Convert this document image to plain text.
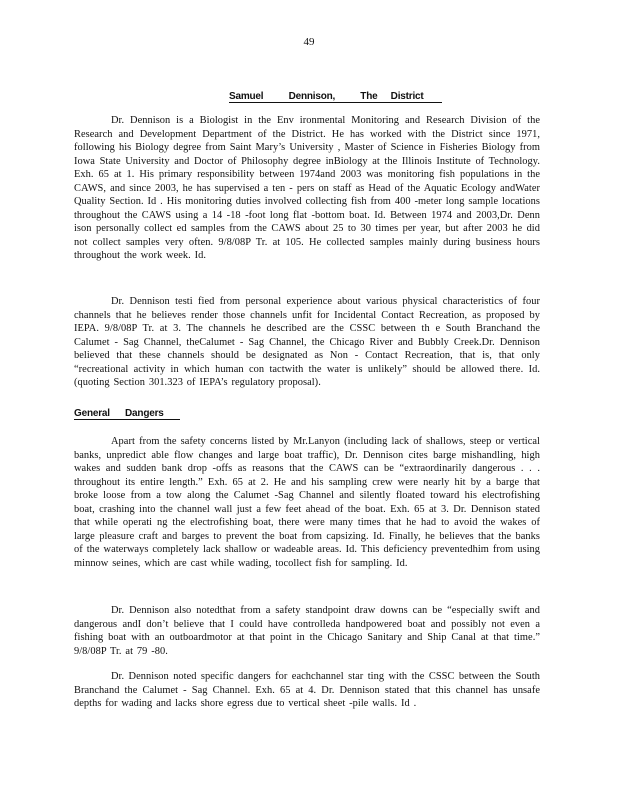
49
Samuel	Dennison,	The District
Dr. Dennison is a Biologist in the Env ironmental Monitoring and Research Division of the Research and Development Department of the District. He has worked with the District since 1971, following his Biology degree from Saint Mary’s University , Master of Science in Fisheries Biology from Iowa State University and Doctor of Philosophy degree inBiology at the Illinois Institute of Technology. Exh. 65 at 1. His primary responsibility between 1974and 2003 was monitoring fish populations in the CAWS, and since 2003, he has supervised a ten - pers on staff as Head of the Aquatic Ecology andWater Quality Section. Id . His monitoring duties involved collecting fish from 400 -meter long sample locations throughout the CAWS using a 14 -18 -foot long flat -bottom boat. Id. Between 1974 and 2003,Dr. Denn ison personally collect ed samples from the CAWS about 25 to 30 times per year, but after 2003 he did not collect samples very often. 9/8/08P Tr. at 105. He collected samples mainly during business hours throughout the work week. Id.
Dr. Dennison testi fied from personal experience about various physical characteristics of four channels that he believes render those channels unfit for Incidental Contact Recreation, as proposed by IEPA. 9/8/08P Tr. at 3. The channels he described are the CSSC between th e South Branchand the Calumet - Sag Channel, theCalumet - Sag Channel, the Chicago River and Bubbly Creek.Dr. Dennison believed that these channels should be designated as Non - Contact Recreation, that is, that only “recreational activity in which human con tactwith the water is unlikely” should be allowed there. Id. (quoting Section 301.323 of IEPA’s regulatory proposal).
General Dangers
Apart from the safety concerns listed by Mr.Lanyon (including lack of shallows, steep or vertical banks, unpredict able flow changes and large boat traffic), Dr. Dennison cites barge mishandling, high wakes and sudden bank drop -offs as reasons that the CAWS can be “extraordinarily dangerous . . . throughout its entire length.” Exh. 65 at 2. He and his sampling crew were nearly hit by a barge that broke loose from a tow along the Calumet -Sag Channel and silently floated toward his electrofishing boat, crashing into the channel wall just a few feet ahead of the boat. Exh. 65 at 3. Dr. Dennison stated that while operati ng the electrofishing boat, there were many times that he had to avoid the wakes of large pleasure craft and barges to prevent the boat from capsizing. Id. Finally, he believes that the banks of the waterways completely lack shallow or wadeable areas. Id. This deficiency preventedhim from using minnow seines, which are cast while wading, tocollect fish for sampling. Id.
Dr. Dennison also notedthat from a safety standpoint draw downs can be “especially swift and dangerous andI don’t believe that I could have controlleda handpowered boat and possibly not even a fishing boat with an outboardmotor at that point in the Chicago Sanitary and Ship Canal at that time.” 9/8/08P Tr. at 79 -80.
Dr. Dennison noted specific dangers for eachchannel star ting with the CSSC between the South Branchand the Calumet - Sag Channel. Exh. 65 at 4. Dr. Dennison stated that this channel has unsafe depths for wading and lacks shore egress due to vertical sheet -pile walls. Id .
